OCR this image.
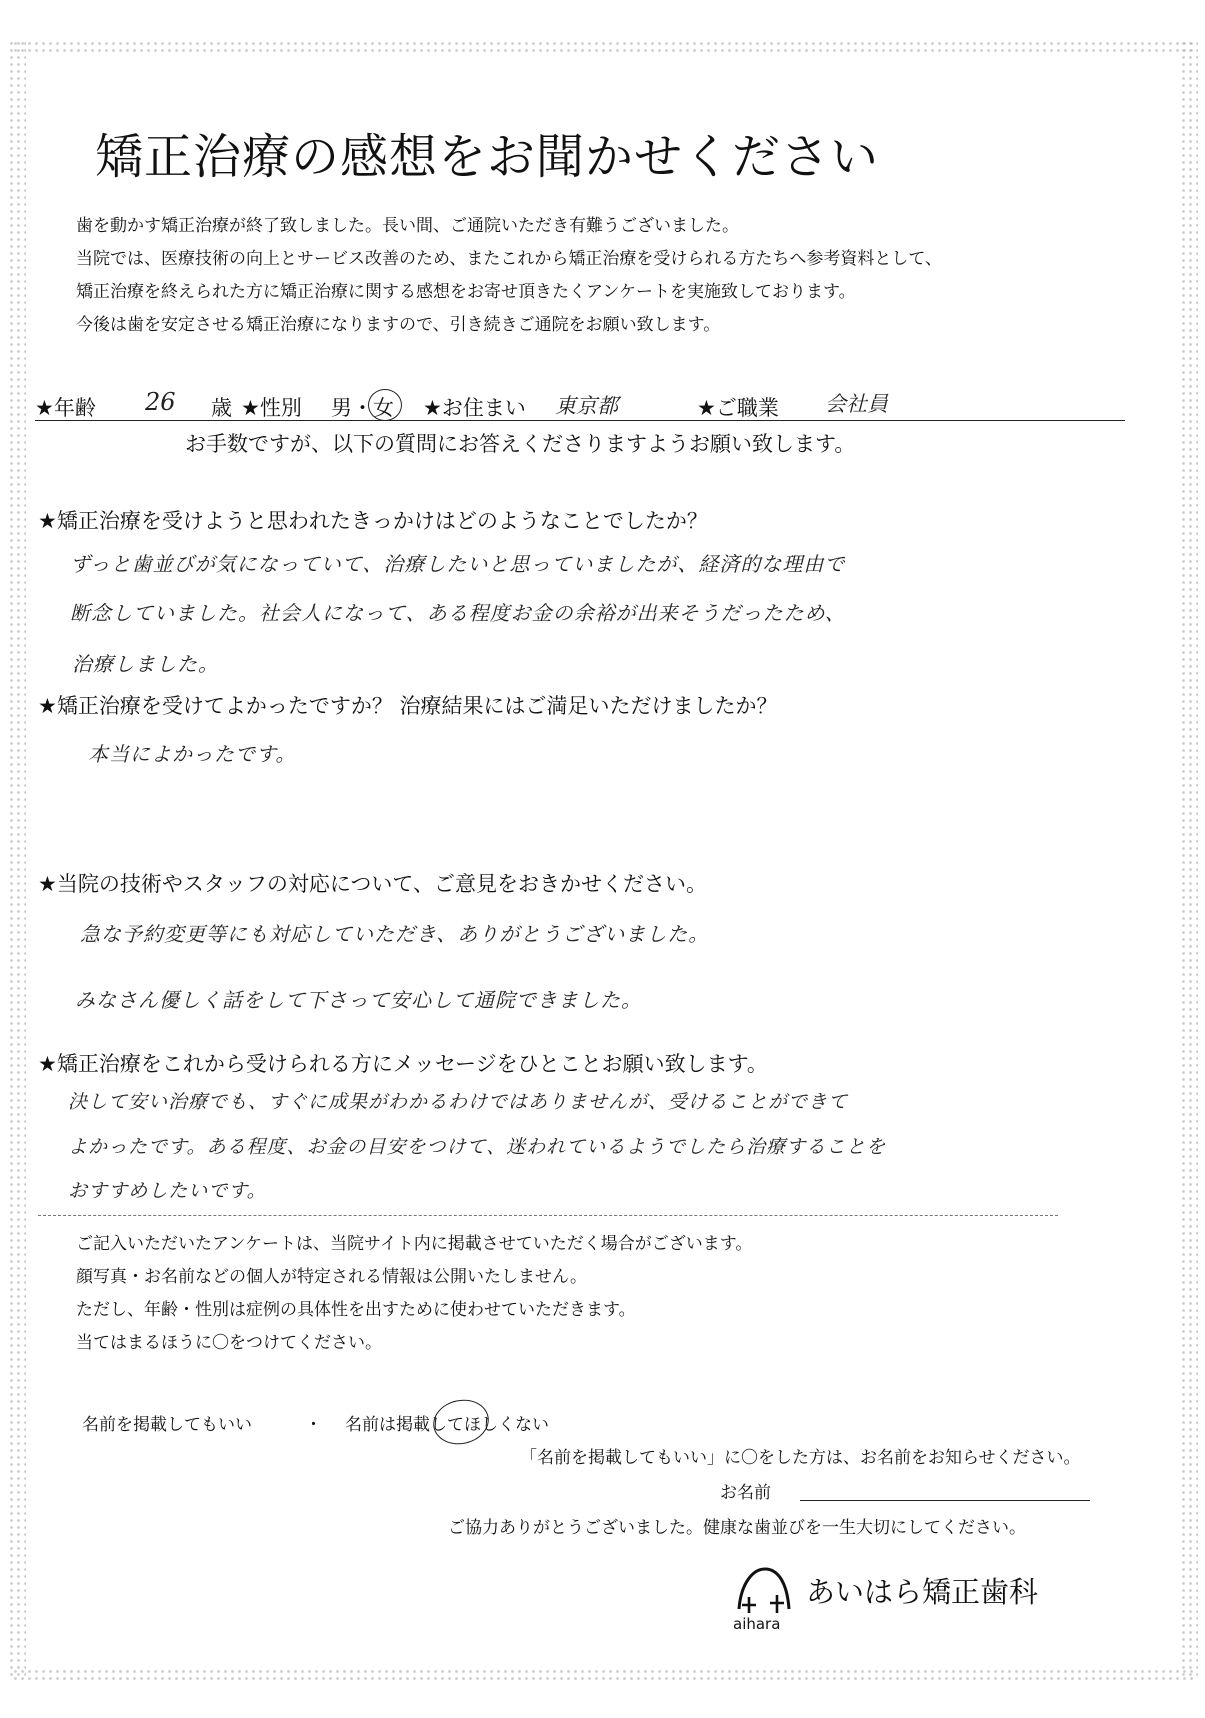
矯正治療の感想をお聞かせください
歯を動かす矯正治療が終了致しました。長い間、ご通院いただき有難うございました。
当院では、医療技術の向上とサービス改善のため、またこれから矯正治療を受けられる方たちへ参考資料として、
矯正治療を終えられた方に矯正治療に関する感想をお寄せ頂きたくアンケートを実施致しております。
今後は歯を安定させる矯正治療になりますので、引き続きご通院をお願い致します。
★年齢 26 歳 ★性別 男・女 ★お住まい 東京都	★ご職業 会社員
お手数ですが、以下の質問にお答えくださりますようお願い致します。
★矯正治療を受けようと思われたきっかけはどのようなことでしたか？
ずっと歯並びが気になっていて、治療したいと思っていましたが、経済的な理由で
断念していました。社会人になって、ある程度お金の余裕が出来そうだったため、
治療しました。
★矯正治療を受けてよかったですか？ 治療結果にはご満足いただけましたか？
本当によかったです。
★当院の技術やスタッフの対応について、ご意見をおきかせください。
急な予約変更等にも対応していただき、ありがとうございました。
みなさん優しく話をして下さって安心して通院できました。
★矯正治療をこれから受けられる方にメッセージをひとことお願い致します。
決して安い治療でも、すぐに成果がわかるわけではありませんが、受けることができて
よかったです。ある程度、お金の目安をつけて、迷われているようでしたら治療することを
おすすめしたいです。
ご記入いただいたアンケートは、当院サイト内に掲載させていただく場合がございます。
顔写真・お名前などの個人が特定される情報は公開いたしません。
ただし、年齢・性別は症例の具体性を出すために使わせていただきます。
当てはまるほうに〇をつけてください。
名前を掲載してもいい	・ 名前は掲載してほしくない
「名前を掲載してもいい」に〇をした方は、お名前をお知らせください。
お名前
ご協力ありがとうございました。健康な歯並びを一生大切にしてください。
aihara
あいはら矯正歯科
